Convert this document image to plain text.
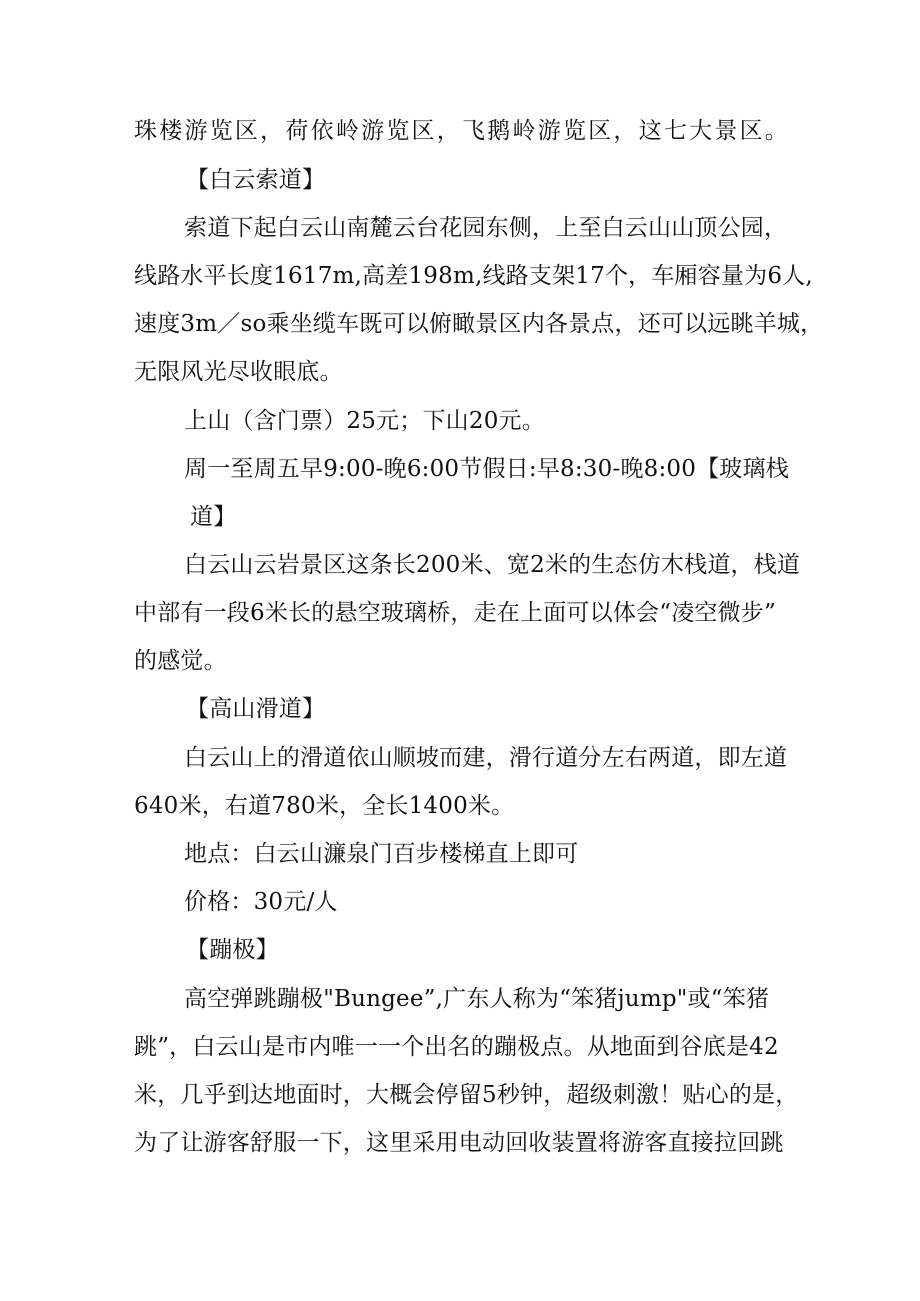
珠楼游览区，荷依岭游览区，飞鹅岭游览区，这七大景区。
【白云索道】
索道下起白云山南麓云台花园东侧，上至白云山山顶公园，
线路水平长度1617m,高差198m,线路支架17个，车厢容量为6人,
速度3m／so乘坐缆车既可以俯瞰景区内各景点，还可以远眺羊城，
无限风光尽收眼底。
上山（含门票）25元；下山20元。
周一至周五早9:00-晚6:00节假日:早8:30-晚8:00【玻璃栈
道】
白云山云岩景区这条长200米、宽2米的生态仿木栈道，栈道
中部有一段6米长的悬空玻璃桥，走在上面可以体会“凌空微步”
的感觉。
【高山滑道】
白云山上的滑道依山顺坡而建，滑行道分左右两道，即左道
640米，右道780米，全长1400米。
地点：白云山濂泉门百步楼梯直上即可
价格：30元/人
【蹦极】
高空弹跳蹦极"Bungee”,广东人称为“笨猪jump"或“笨猪
跳”，白云山是市内唯一一个出名的蹦极点。从地面到谷底是42
米，几乎到达地面时，大概会停留5秒钟，超级刺激！贴心的是，
为了让游客舒服一下，这里采用电动回收装置将游客直接拉回跳
